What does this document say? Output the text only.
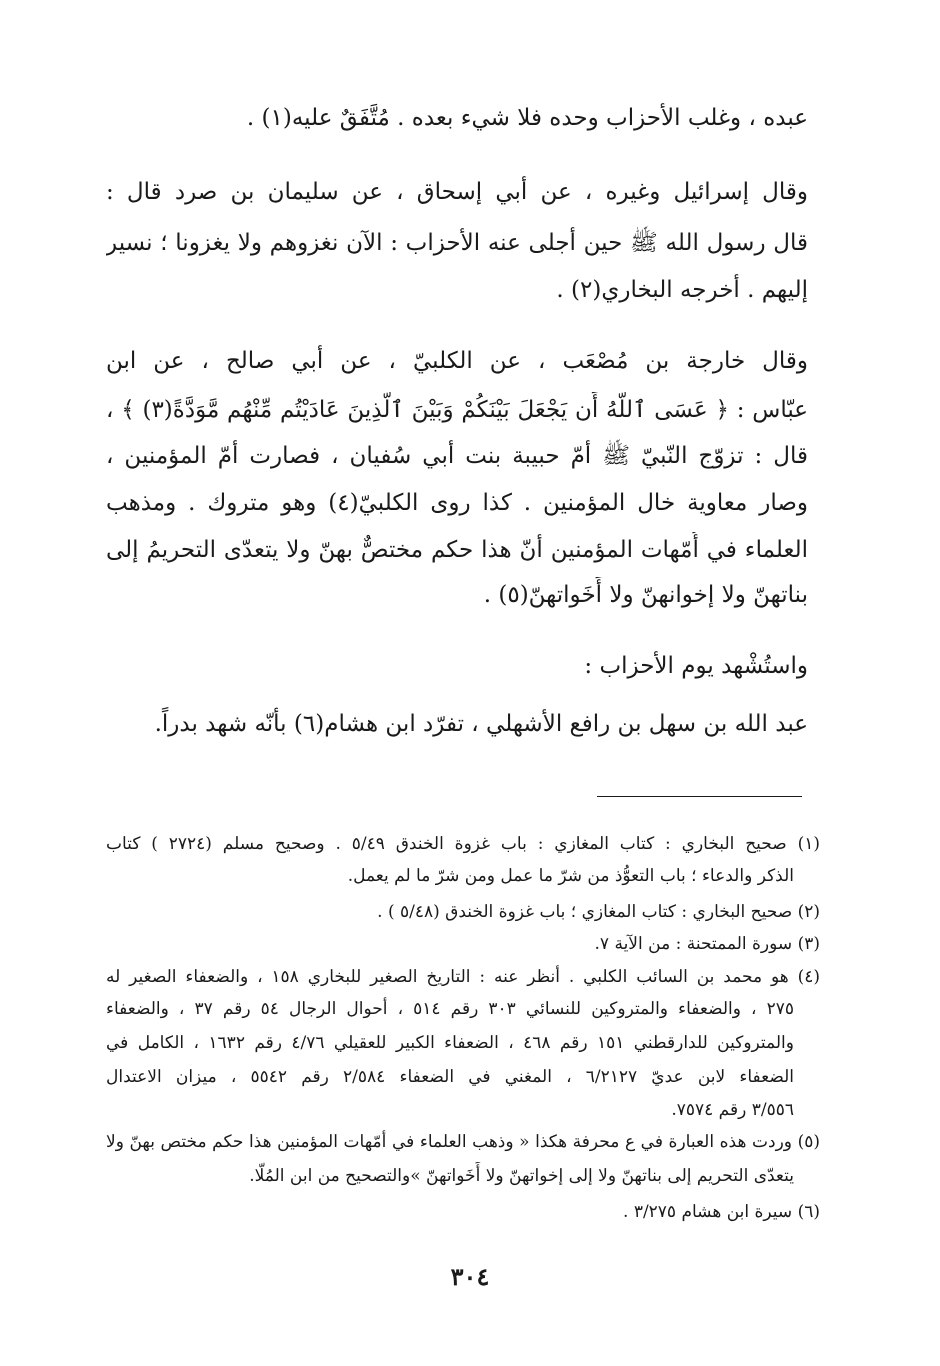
عبده ، وغلب الأحزاب وحده فلا شيء بعده . مُتَّفَقٌ عليه(١) .
وقال إسرائيل وغيره ، عن أبي إسحاق ، عن سليمان بن صرد قال :
قال رسول الله ﷺ حين أجلى عنه الأحزاب : الآن نغزوهم ولا يغزونا ؛ نسير
إليهم . أخرجه البخاري(٢) .
وقال خارجة بن مُصْعَب ، عن الكلبيّ ، عن أبي صالح ، عن ابن
عبّاس : ﴿ عَسَى ٱللَّهُ أَن يَجْعَلَ بَيْنَكُمْ وَبَيْنَ ٱلَّذِينَ عَادَيْتُم مِّنْهُم مَّوَدَّةً(٣) ﴾ ،
قال : تزوّج النّبيّ ﷺ أمّ حبيبة بنت أبي سُفيان ، فصارت أمّ المؤمنين ،
وصار معاوية خال المؤمنين . كذا روى الكلبيّ(٤) وهو متروك . ومذهب
العلماء في أُمّهات المؤمنين أنّ هذا حكم مختصٌّ بهنّ ولا يتعدّى التحريمُ إلى
بناتهنّ ولا إخوانهنّ ولا أَخَواتهنّ(٥) .
واستُشْهد يوم الأحزاب :
عبد الله بن سهل بن رافع الأشهلي ، تفرّد ابن هشام(٦) بأنّه شهد بدراً.
(١) صحيح البخاري : كتاب المغازي : باب غزوة الخندق ٥/٤٩ . وصحيح مسلم (٢٧٢٤ ) كتاب
الذكر والدعاء ؛ باب التعوُّذ من شرّ ما عمل ومن شرّ ما لم يعمل.
(٢) صحيح البخاري : كتاب المغازي ؛ باب غزوة الخندق (٥/٤٨ ) .
(٣) سورة الممتحنة : من الآية ٧.
(٤) هو محمد بن السائب الكلبي . أنظر عنه : التاريخ الصغير للبخاري ١٥٨ ، والضعفاء الصغير له
٢٧٥ ، والضعفاء والمتروكين للنسائي ٣٠٣ رقم ٥١٤ ، أحوال الرجال ٥٤ رقم ٣٧ ، والضعفاء
والمتروكين للدارقطني ١٥١ رقم ٤٦٨ ، الضعفاء الكبير للعقيلي ٤/٧٦ رقم ١٦٣٢ ، الكامل في
الضعفاء لابن عديّ ٦/٢١٢٧ ، المغني في الضعفاء ٢/٥٨٤ رقم ٥٥٤٢ ، ميزان الاعتدال
٣/٥٥٦ رقم ٧٥٧٤.
(٥) وردت هذه العبارة في ع محرفة هكذا « وذهب العلماء في أمّهات المؤمنين هذا حكم مختص بهنّ ولا
يتعدّى التحريم إلى بناتهنّ ولا إلى إخواتهنّ ولا أَخَواتهنّ »والتصحيح من ابن المُلّا.
(٦) سيرة ابن هشام ٣/٢٧٥ .
٣٠٤
